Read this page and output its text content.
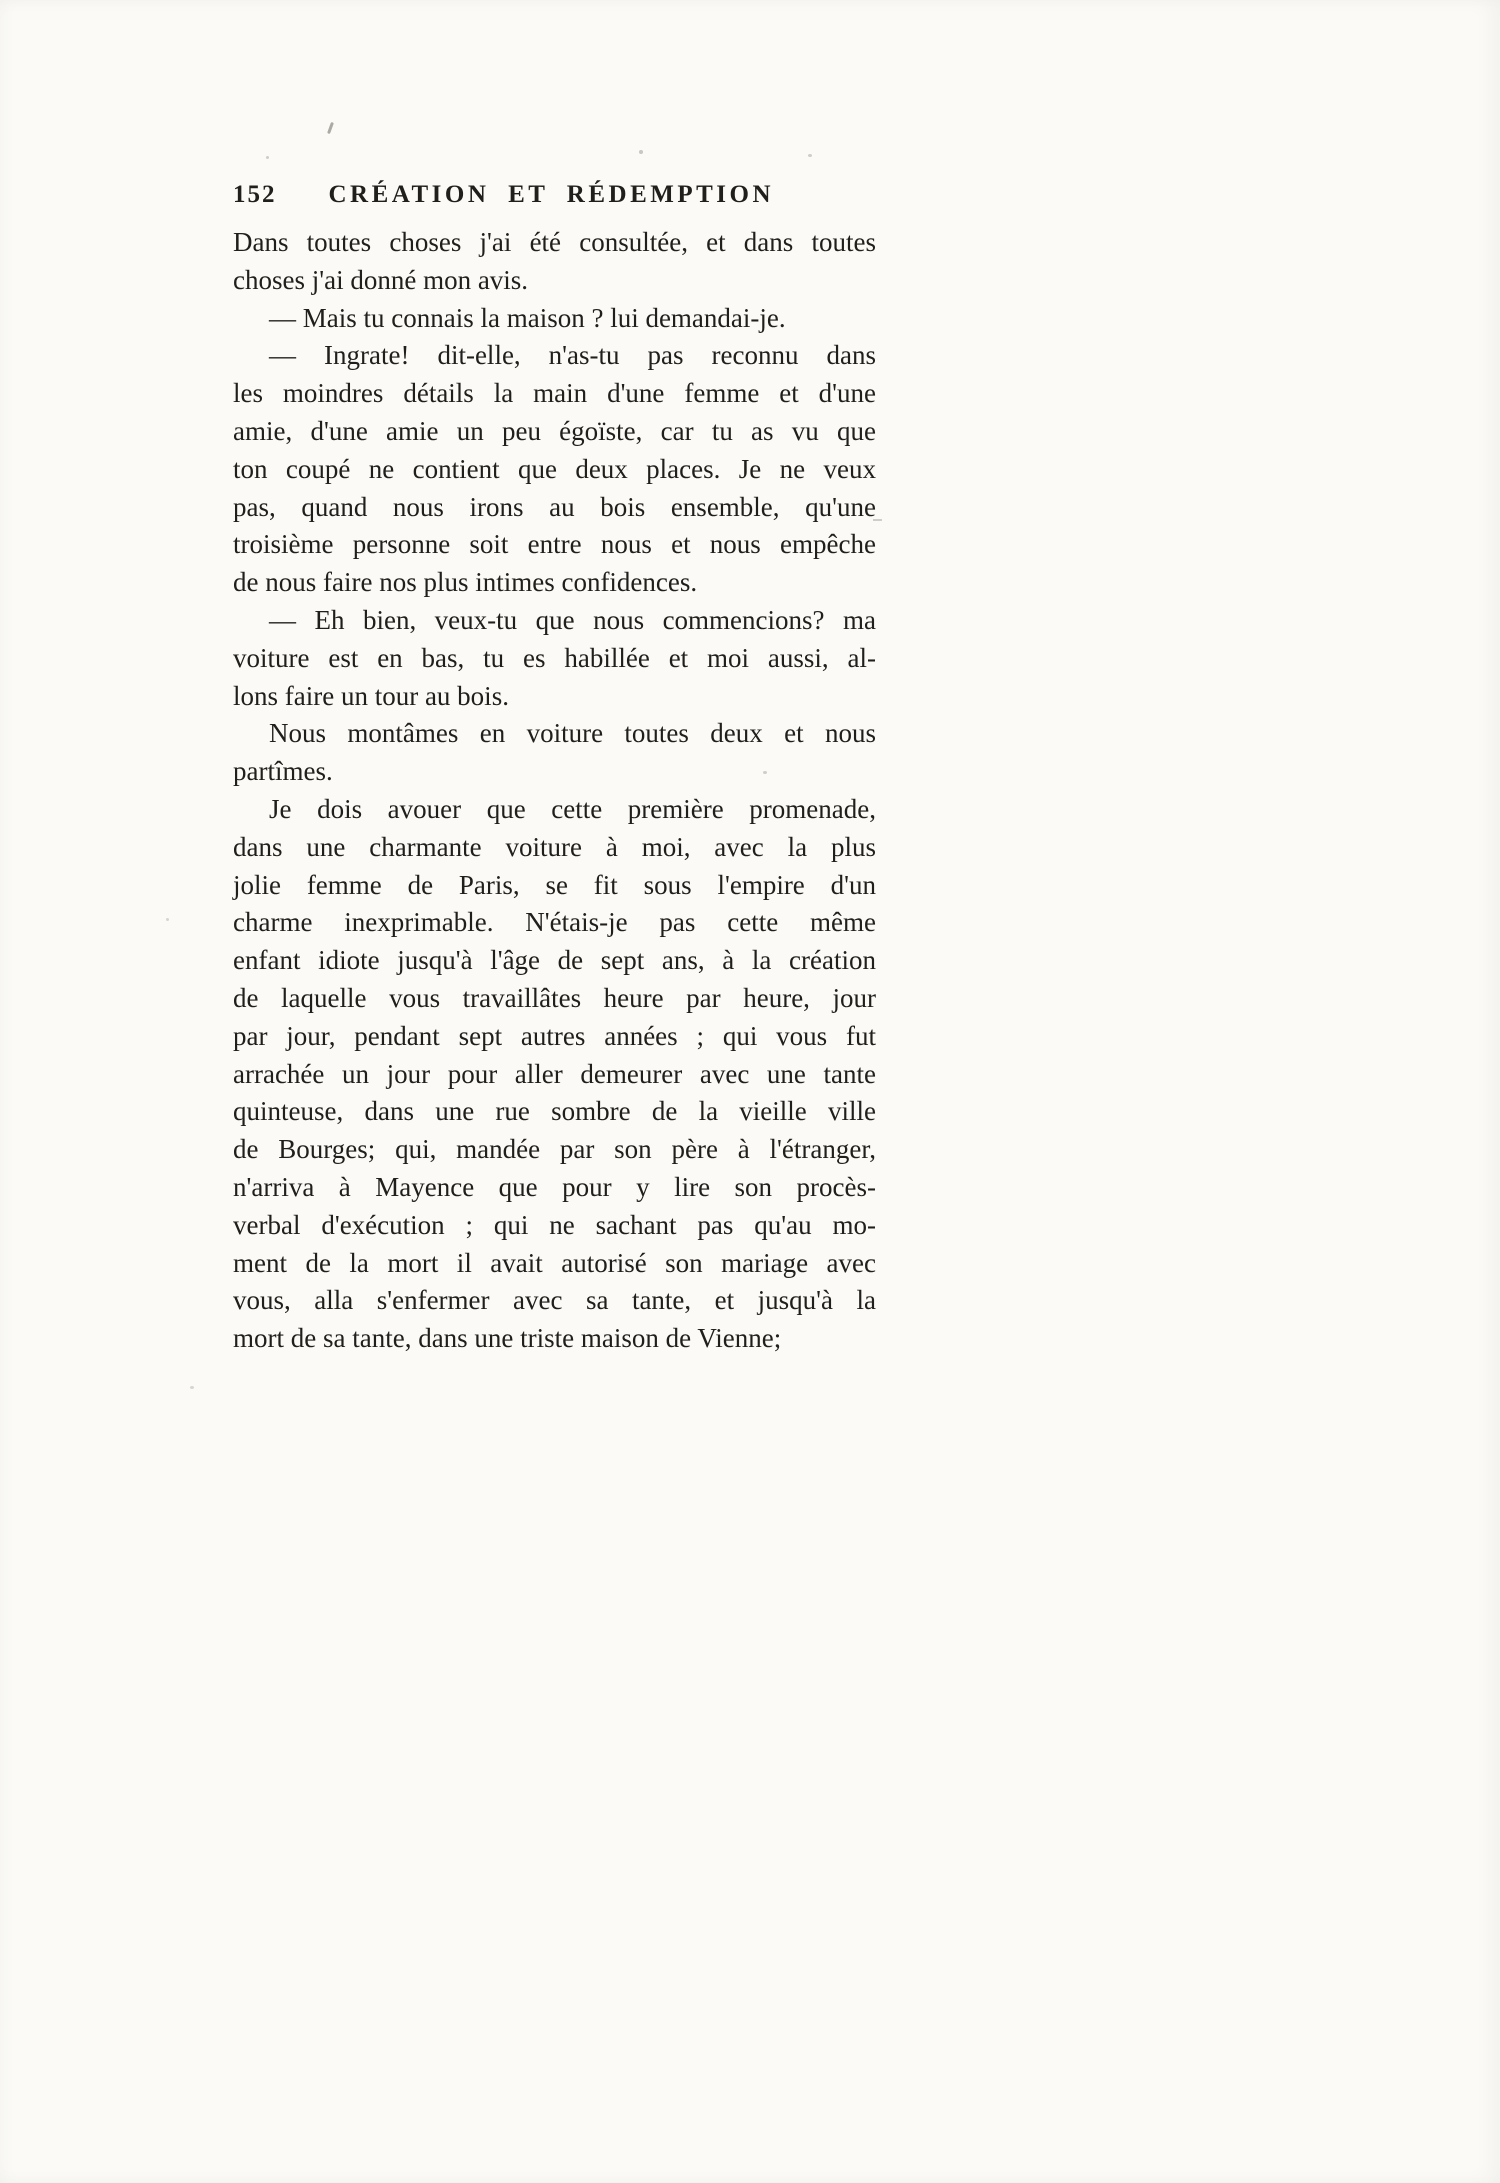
152 CRÉATION ET RÉDEMPTION

Dans toutes choses j'ai été consultée, et dans toutes
choses j'ai donné mon avis.

— Mais tu connais la maison ? lui demandai-je.

— Ingrate! dit-elle, n'as-tu pas reconnu dans
les moindres détails la main d'une femme et d'une
amie, d'une amie un peu égoïste, car tu as vu que
ton coupé ne contient que deux places. Je ne veux
pas, quand nous irons au bois ensemble, qu'une
troisième personne soit entre nous et nous empêche
de nous faire nos plus intimes confidences.

— Eh bien, veux-tu que nous commencions? ma
voiture est en bas, tu es habillée et moi aussi, al-
lons faire un tour au bois.

Nous montâmes en voiture toutes deux et nous
partîmes.

Je dois avouer que cette première promenade,
dans une charmante voiture à moi, avec la plus
jolie femme de Paris, se fit sous l'empire d'un
charme inexprimable. N'étais-je pas cette même
enfant idiote jusqu'à l'âge de sept ans, à la création
de laquelle vous travaillâtes heure par heure, jour
par jour, pendant sept autres années ; qui vous fut
arrachée un jour pour aller demeurer avec une tante
quinteuse, dans une rue sombre de la vieille ville
de Bourges; qui, mandée par son père à l'étranger,
n'arriva à Mayence que pour y lire son procès-
verbal d'exécution ; qui ne sachant pas qu'au mo-
ment de la mort il avait autorisé son mariage avec
vous, alla s'enfermer avec sa tante, et jusqu'à la
mort de sa tante, dans une triste maison de Vienne;
